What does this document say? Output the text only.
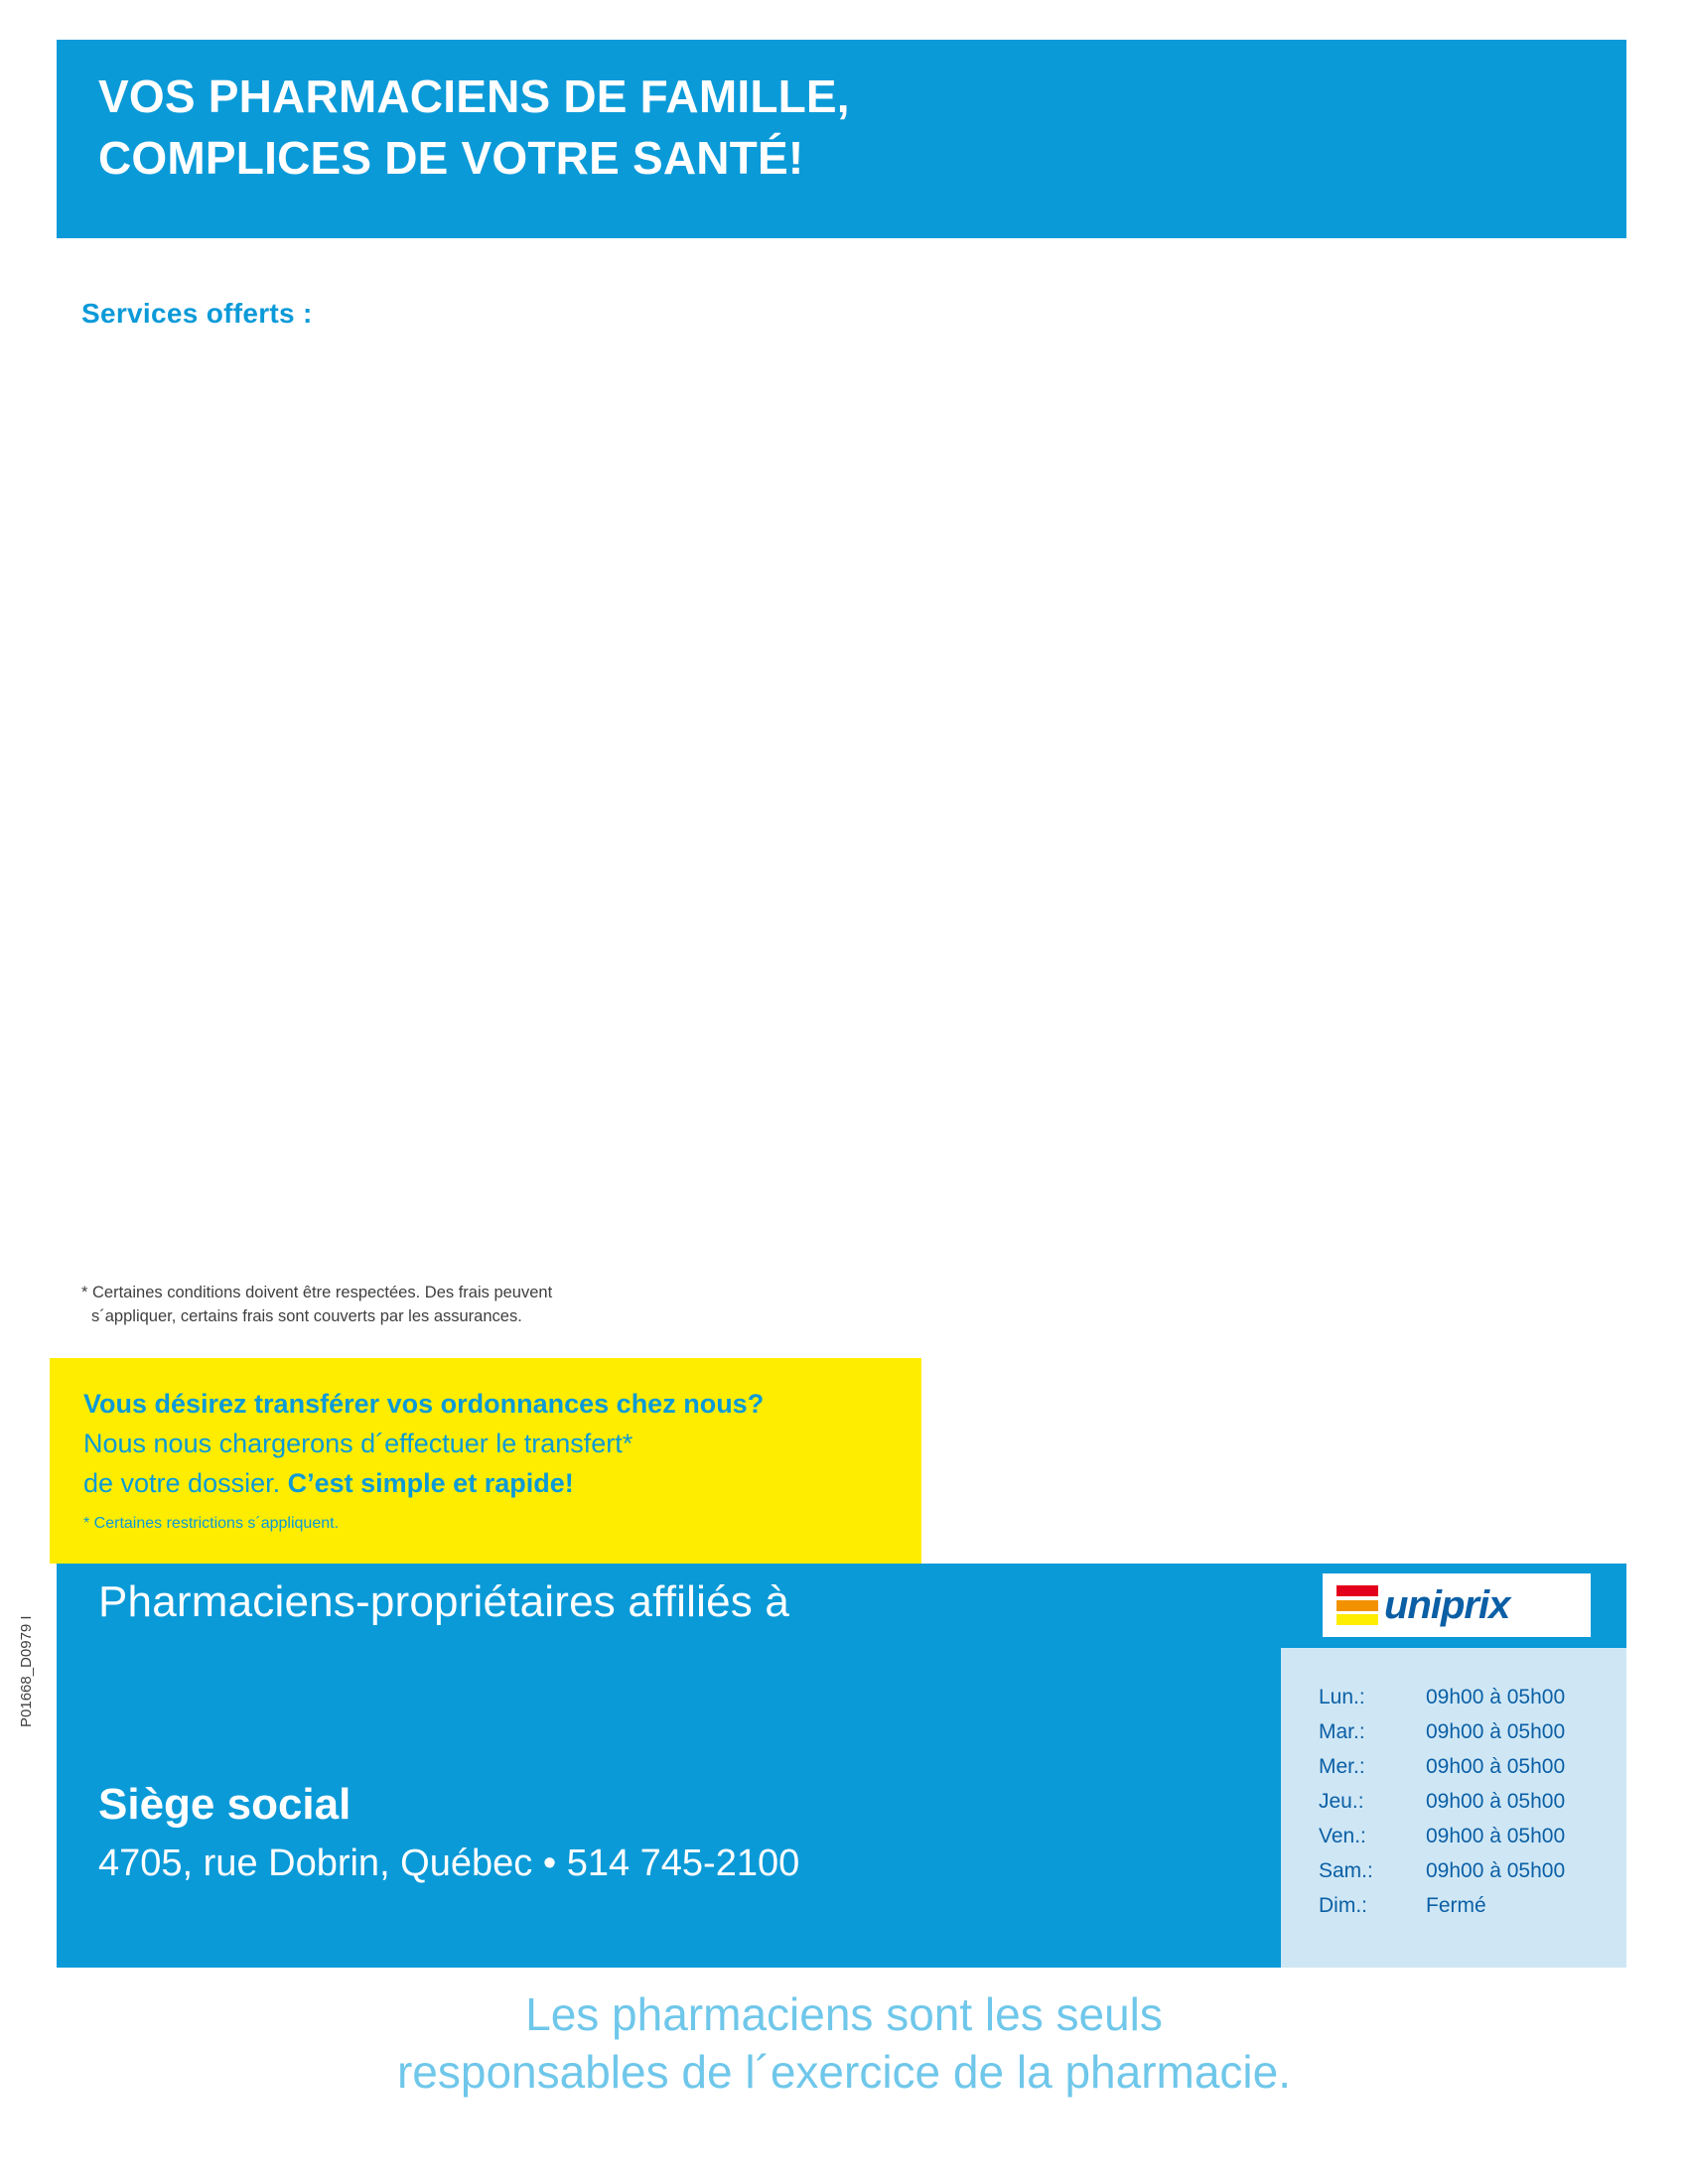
VOS PHARMACIENS DE FAMILLE,
COMPLICES DE VOTRE SANTÉ!
Services offerts :
* Certaines conditions doivent être respectées. Des frais peuvent
s´appliquer, certains frais sont couverts par les assurances.
Vous désirez transférer vos ordonnances chez nous?
Nous nous chargerons d´effectuer le transfert*
de votre dossier. C’est simple et rapide!
* Certaines restrictions s´appliquent.
Pharmaciens-propriétaires affiliés à	uniprix
Siège social
4705, rue Dobrin, Québec • 514 745-2100
Lun.:	09h00 à 05h00
Mar.:	09h00 à 05h00
Mer.:	09h00 à 05h00
Jeu.:	09h00 à 05h00
Ven.:	09h00 à 05h00
Sam.:	09h00 à 05h00
Dim.:	Fermé
Les pharmaciens sont les seuls
responsables de l´exercice de la pharmacie.
P01668_D0979 I
